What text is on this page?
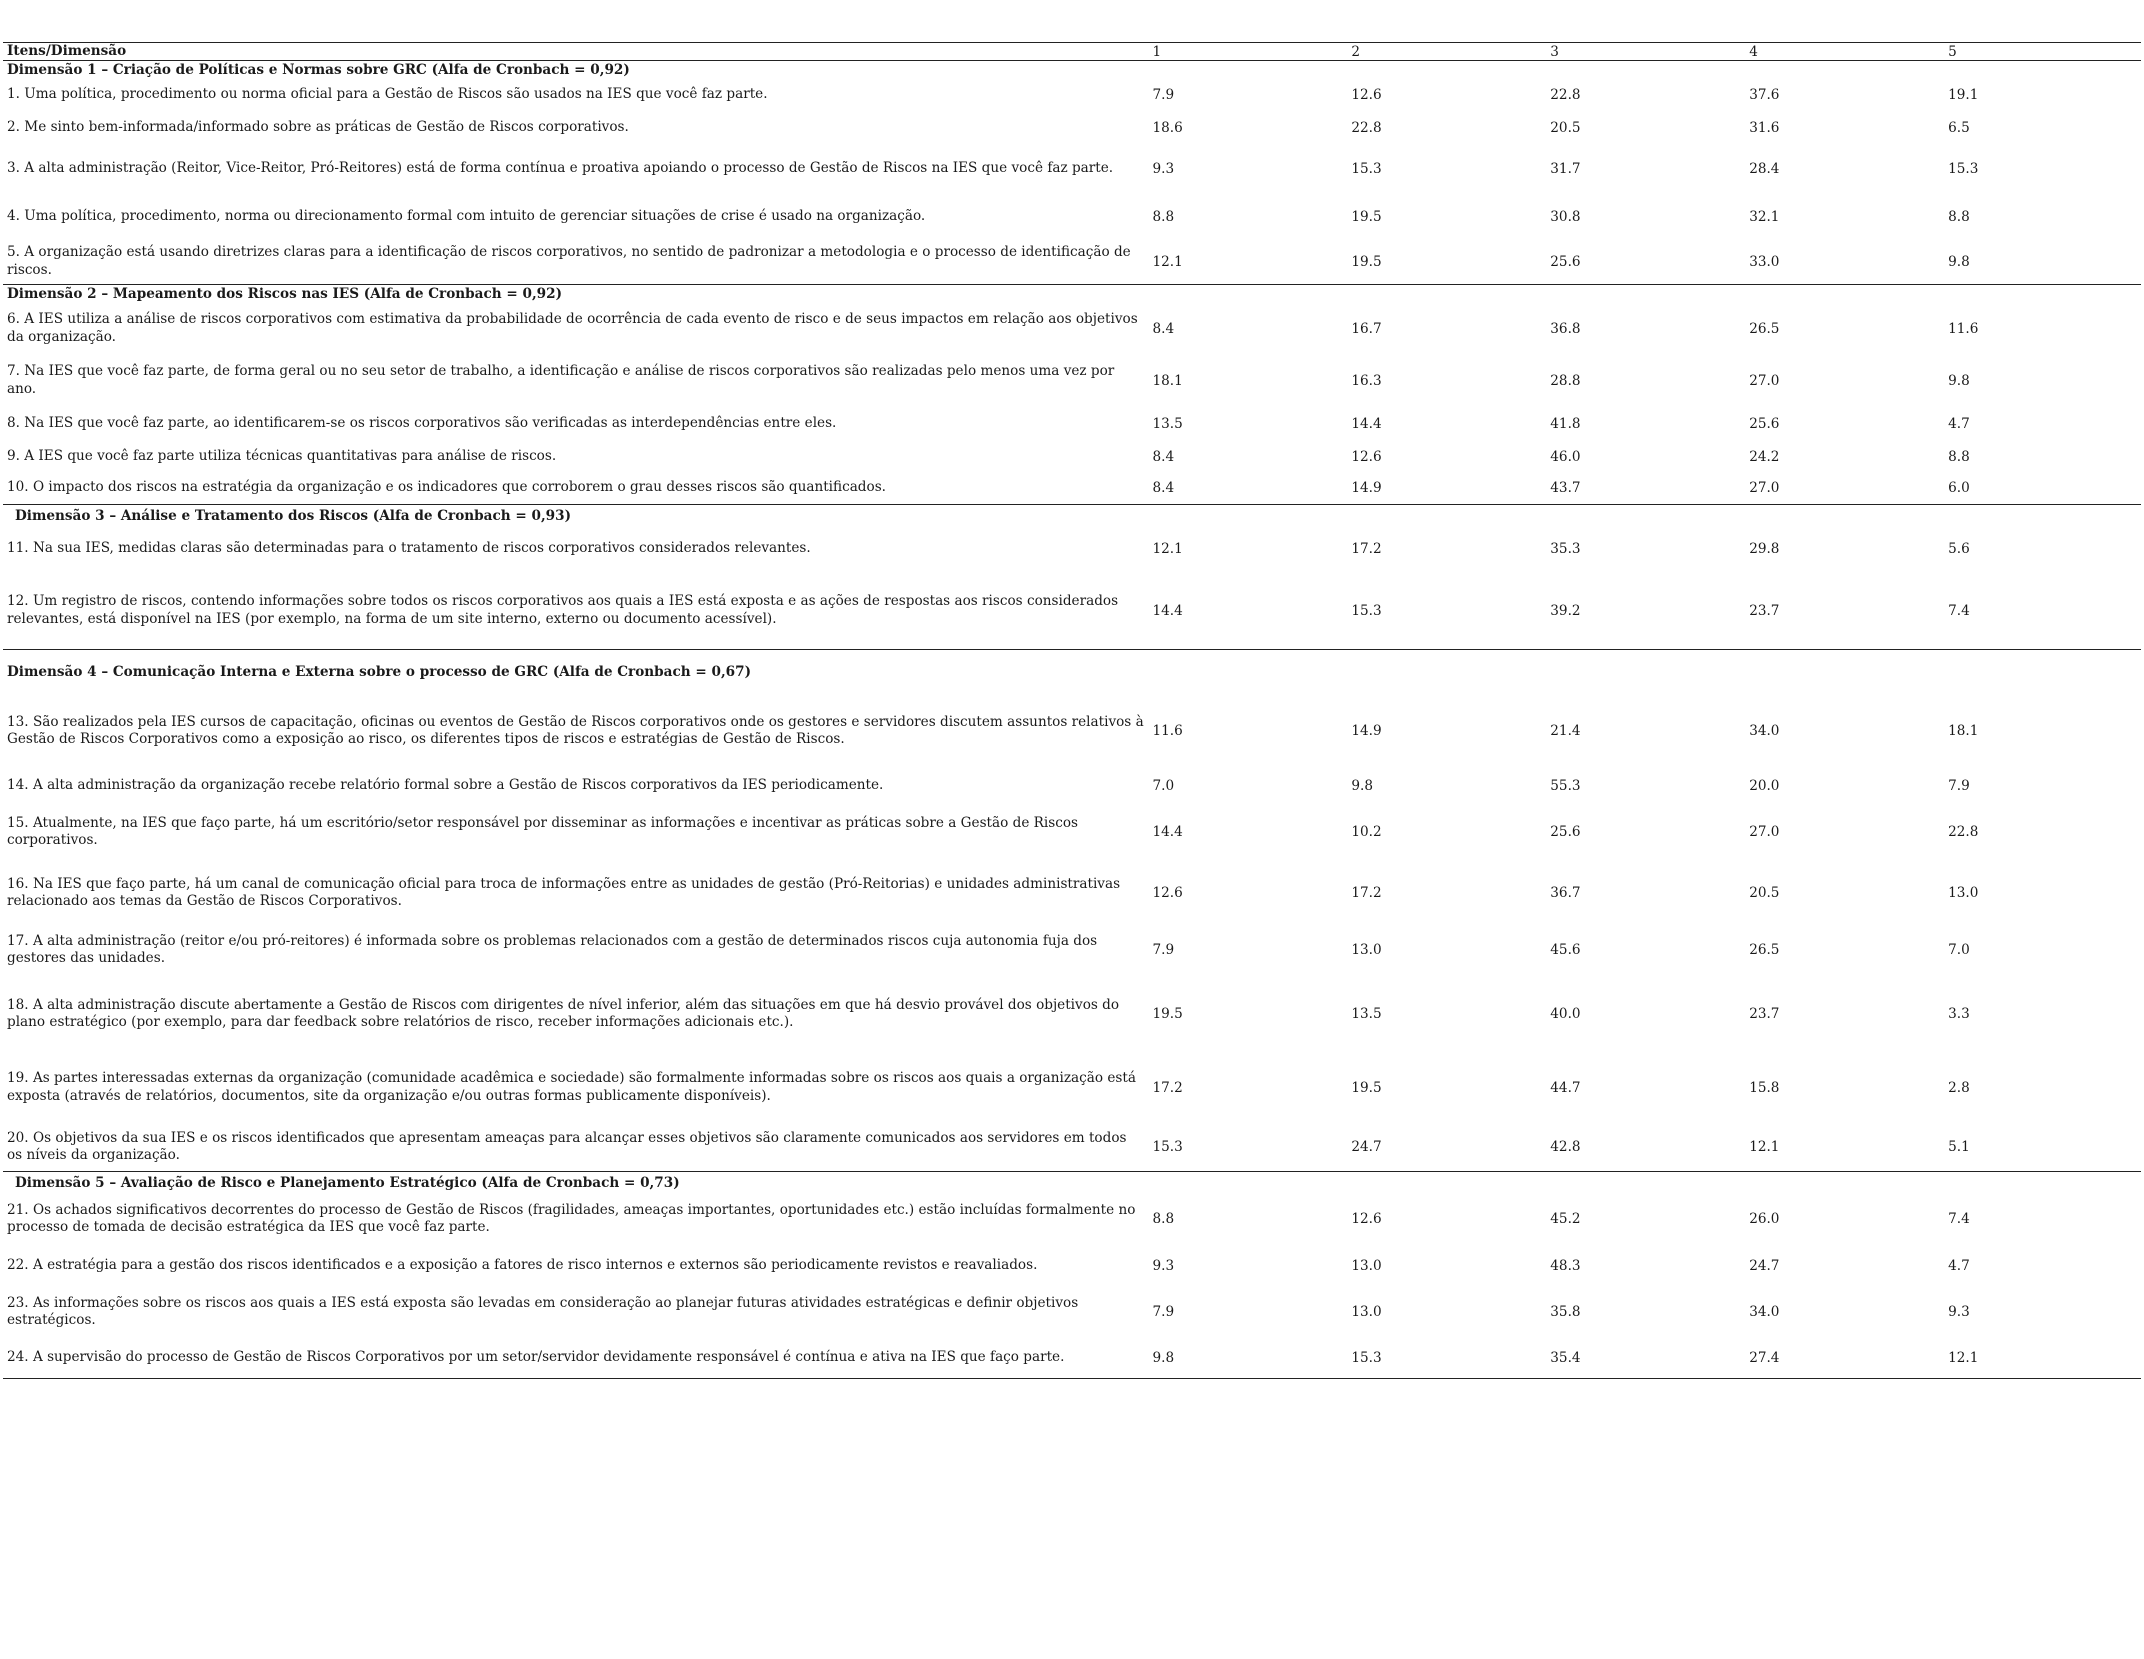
Itens/Dimensão	1	2	3	4	5
Dimensão 1 – Criação de Políticas e Normas sobre GRC (Alfa de Cronbach = 0,92)
1. Uma política, procedimento ou norma oficial para a Gestão de Riscos são usados na IES que você faz parte.	7.9	12.6	22.8	37.6	19.1
2. Me sinto bem-informada/informado sobre as práticas de Gestão de Riscos corporativos.	18.6	22.8	20.5	31.6	6.5
3. A alta administração (Reitor, Vice-Reitor, Pró-Reitores) está de forma contínua e proativa apoiando o processo de Gestão de Riscos na IES que você faz parte.	9.3	15.3	31.7	28.4	15.3
4. Uma política, procedimento, norma ou direcionamento formal com intuito de gerenciar situações de crise é usado na organização.	8.8	19.5	30.8	32.1	8.8
5. A organização está usando diretrizes claras para a identificação de riscos corporativos, no sentido de padronizar a metodologia e o processo de identificação de riscos.	12.1	19.5	25.6	33.0	9.8
Dimensão 2 – Mapeamento dos Riscos nas IES (Alfa de Cronbach = 0,92)
6. A IES utiliza a análise de riscos corporativos com estimativa da probabilidade de ocorrência de cada evento de risco e de seus impactos em relação aos objetivos da organização.	8.4	16.7	36.8	26.5	11.6
7. Na IES que você faz parte, de forma geral ou no seu setor de trabalho, a identificação e análise de riscos corporativos são realizadas pelo menos uma vez por ano.	18.1	16.3	28.8	27.0	9.8
8. Na IES que você faz parte, ao identificarem-se os riscos corporativos são verificadas as interdependências entre eles.	13.5	14.4	41.8	25.6	4.7
9. A IES que você faz parte utiliza técnicas quantitativas para análise de riscos.	8.4	12.6	46.0	24.2	8.8
10. O impacto dos riscos na estratégia da organização e os indicadores que corroborem o grau desses riscos são quantificados.	8.4	14.9	43.7	27.0	6.0
Dimensão 3 – Análise e Tratamento dos Riscos (Alfa de Cronbach = 0,93)
11. Na sua IES, medidas claras são determinadas para o tratamento de riscos corporativos considerados relevantes.	12.1	17.2	35.3	29.8	5.6
12. Um registro de riscos, contendo informações sobre todos os riscos corporativos aos quais a IES está exposta e as ações de respostas aos riscos considerados relevantes, está disponível na IES (por exemplo, na forma de um site interno, externo ou documento acessível).	14.4	15.3	39.2	23.7	7.4
Dimensão 4 – Comunicação Interna e Externa sobre o processo de GRC (Alfa de Cronbach = 0,67)
13. São realizados pela IES cursos de capacitação, oficinas ou eventos de Gestão de Riscos corporativos onde os gestores e servidores discutem assuntos relativos à Gestão de Riscos Corporativos como a exposição ao risco, os diferentes tipos de riscos e estratégias de Gestão de Riscos.	11.6	14.9	21.4	34.0	18.1
14. A alta administração da organização recebe relatório formal sobre a Gestão de Riscos corporativos da IES periodicamente.	7.0	9.8	55.3	20.0	7.9
15. Atualmente, na IES que faço parte, há um escritório/setor responsável por disseminar as informações e incentivar as práticas sobre a Gestão de Riscos corporativos.	14.4	10.2	25.6	27.0	22.8
16. Na IES que faço parte, há um canal de comunicação oficial para troca de informações entre as unidades de gestão (Pró-Reitorias) e unidades administrativas relacionado aos temas da Gestão de Riscos Corporativos.	12.6	17.2	36.7	20.5	13.0
17. A alta administração (reitor e/ou pró-reitores) é informada sobre os problemas relacionados com a gestão de determinados riscos cuja autonomia fuja dos gestores das unidades.	7.9	13.0	45.6	26.5	7.0
18. A alta administração discute abertamente a Gestão de Riscos com dirigentes de nível inferior, além das situações em que há desvio provável dos objetivos do plano estratégico (por exemplo, para dar feedback sobre relatórios de risco, receber informações adicionais etc.).	19.5	13.5	40.0	23.7	3.3
19. As partes interessadas externas da organização (comunidade acadêmica e sociedade) são formalmente informadas sobre os riscos aos quais a organização está exposta (através de relatórios, documentos, site da organização e/ou outras formas publicamente disponíveis).	17.2	19.5	44.7	15.8	2.8
20. Os objetivos da sua IES e os riscos identificados que apresentam ameaças para alcançar esses objetivos são claramente comunicados aos servidores em todos os níveis da organização.	15.3	24.7	42.8	12.1	5.1
Dimensão 5 – Avaliação de Risco e Planejamento Estratégico (Alfa de Cronbach = 0,73)
21. Os achados significativos decorrentes do processo de Gestão de Riscos (fragilidades, ameaças importantes, oportunidades etc.) estão incluídas formalmente no processo de tomada de decisão estratégica da IES que você faz parte.	8.8	12.6	45.2	26.0	7.4
22. A estratégia para a gestão dos riscos identificados e a exposição a fatores de risco internos e externos são periodicamente revistos e reavaliados.	9.3	13.0	48.3	24.7	4.7
23. As informações sobre os riscos aos quais a IES está exposta são levadas em consideração ao planejar futuras atividades estratégicas e definir objetivos estratégicos.	7.9	13.0	35.8	34.0	9.3
24. A supervisão do processo de Gestão de Riscos Corporativos por um setor/servidor devidamente responsável é contínua e ativa na IES que faço parte.	9.8	15.3	35.4	27.4	12.1
